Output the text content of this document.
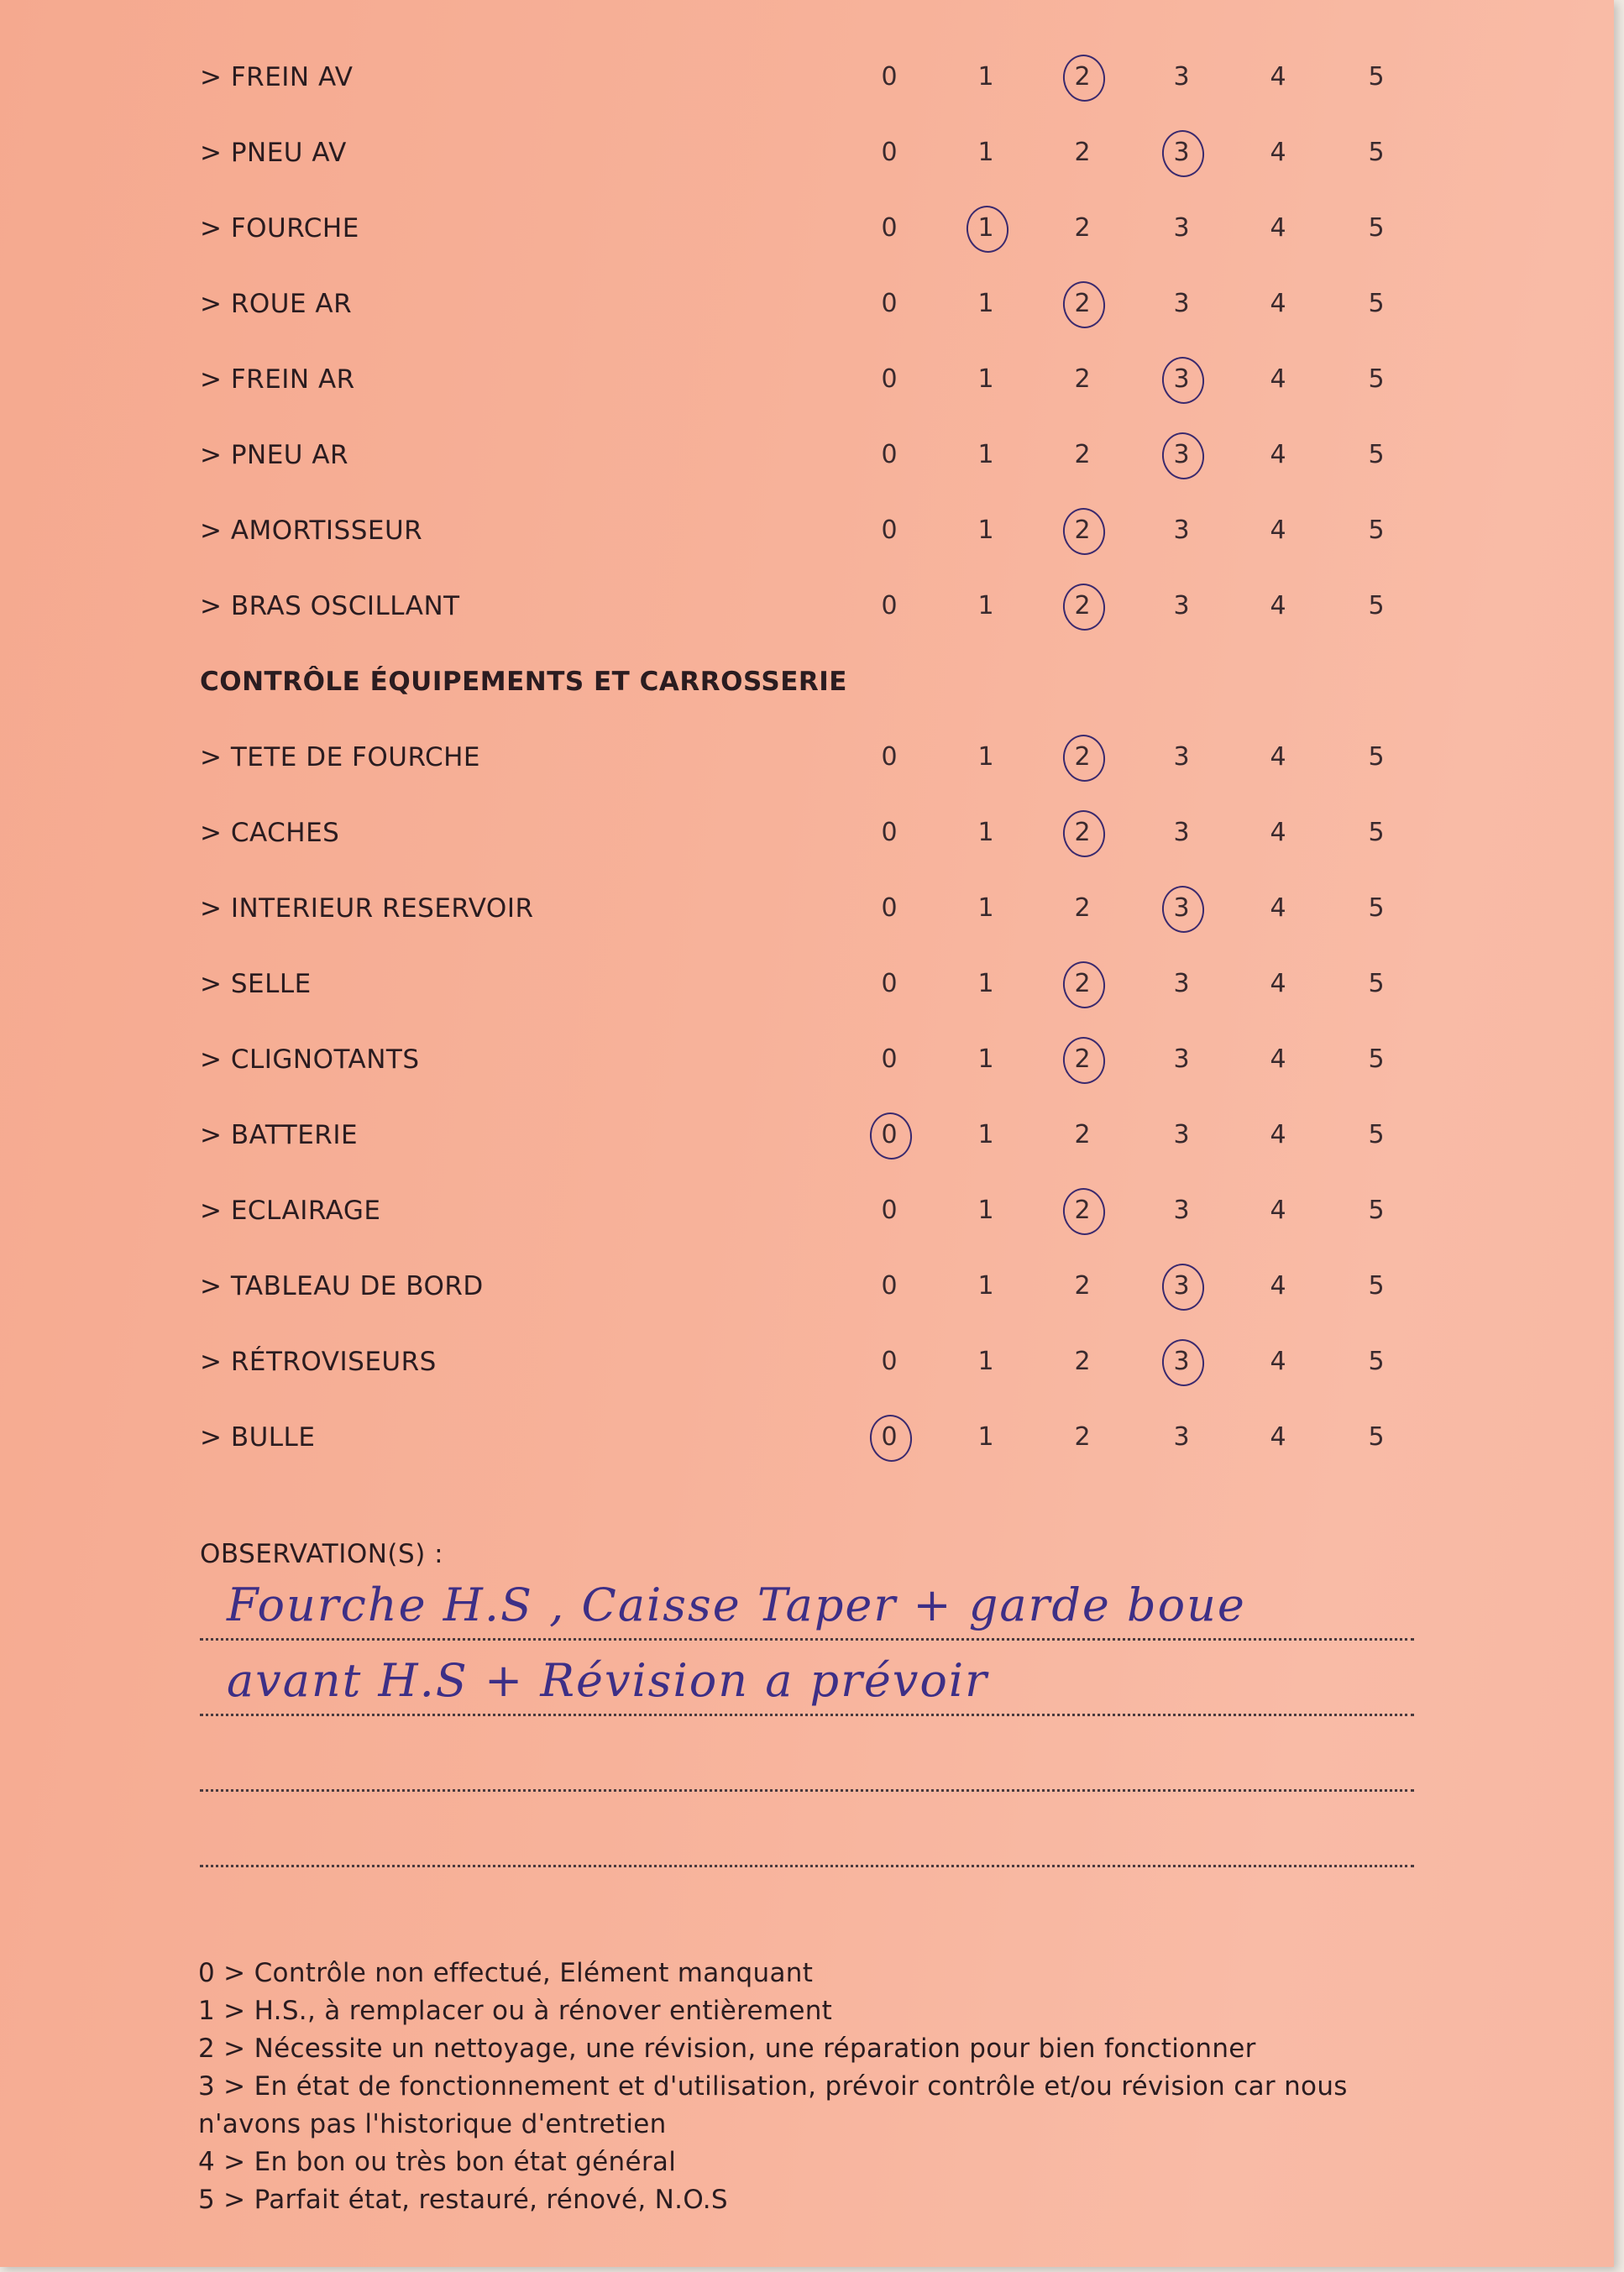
> FREIN AV	0	1	2	3	4	5
> PNEU AV	0	1	2	3	4	5
> FOURCHE	0	1	2	3	4	5
> ROUE AR	0	1	2	3	4	5
> FREIN AR	0	1	2	3	4	5
> PNEU AR	0	1	2	3	4	5
> AMORTISSEUR	0	1	2	3	4	5
> BRAS OSCILLANT	0	1	2	3	4	5
CONTRÔLE ÉQUIPEMENTS ET CARROSSERIE
> TETE DE FOURCHE	0	1	2	3	4	5
> CACHES	0	1	2	3	4	5
> INTERIEUR RESERVOIR	0	1	2	3	4	5
> SELLE	0	1	2	3	4	5
> CLIGNOTANTS	0	1	2	3	4	5
> BATTERIE	0	1	2	3	4	5
> ECLAIRAGE	0	1	2	3	4	5
> TABLEAU DE BORD	0	1	2	3	4	5
> RÉTROVISEURS	0	1	2	3	4	5
> BULLE	0	1	2	3	4	5
OBSERVATION(S) :
Fourche H.S , Caisse Taper + garde boue
avant H.S + Révision a prévoir
0 > Contrôle non effectué, Elément manquant
1 > H.S., à remplacer ou à rénover entièrement
2 > Nécessite un nettoyage, une révision, une réparation pour bien fonctionner
3 > En état de fonctionnement et d'utilisation, prévoir contrôle et/ou révision car nous
n'avons pas l'historique d'entretien
4 > En bon ou très bon état général
5 > Parfait état, restauré, rénové, N.O.S
